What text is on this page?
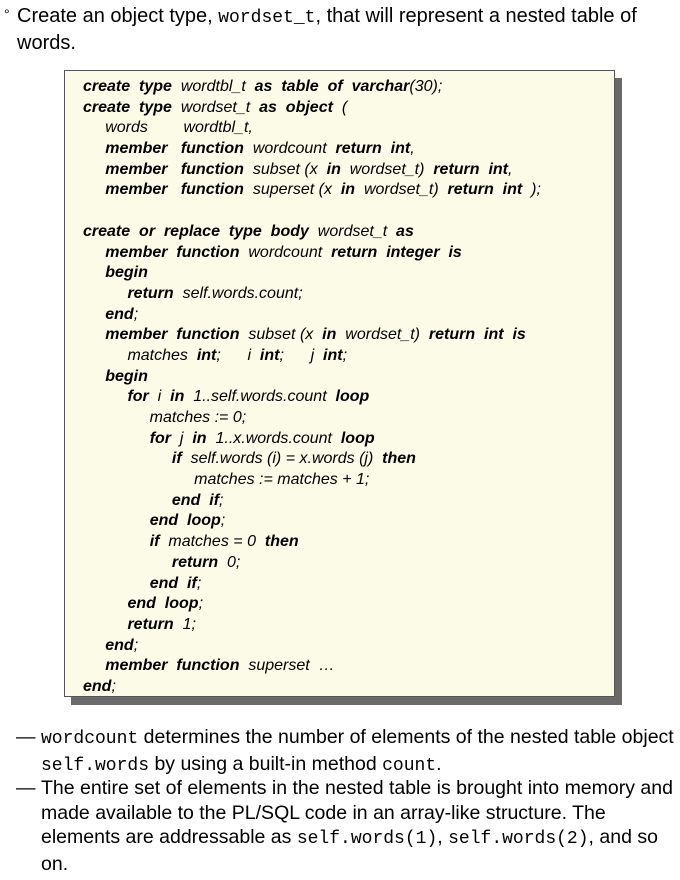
° Create an object type, wordset_t, that will represent a nested table of words.
create type  wordtbl_t  as table of varchar(30);
create type  wordset_t  as object  (
words        wordtbl_t,
member function  wordcount  return int,
member function  subset (x  in  wordset_t)  return int,
member function  superset (x  in  wordset_t)  return int  );
create or replace type body  wordset_t  as
member function  wordcount  return integer is
begin
return  self.words.count;
end;
member function  subset (x  in  wordset_t)  return int is
matches  int;      i  int;      j  int;
begin
for  i  in  1..self.words.count  loop
matches := 0;
for  j  in  1..x.words.count  loop
if  self.words (i) = x.words (j)  then
matches := matches + 1;
end if;
end loop;
if  matches = 0  then
return  0;
end if;
end loop;
return  1;
end;
member function  superset  …
end;
— wordcount determines the number of elements of the nested table object self.words by using a built-in method count.
— The entire set of elements in the nested table is brought into memory and made available to the PL/SQL code in an array-like structure. The elements are addressable as self.words(1), self.words(2), and so on.
